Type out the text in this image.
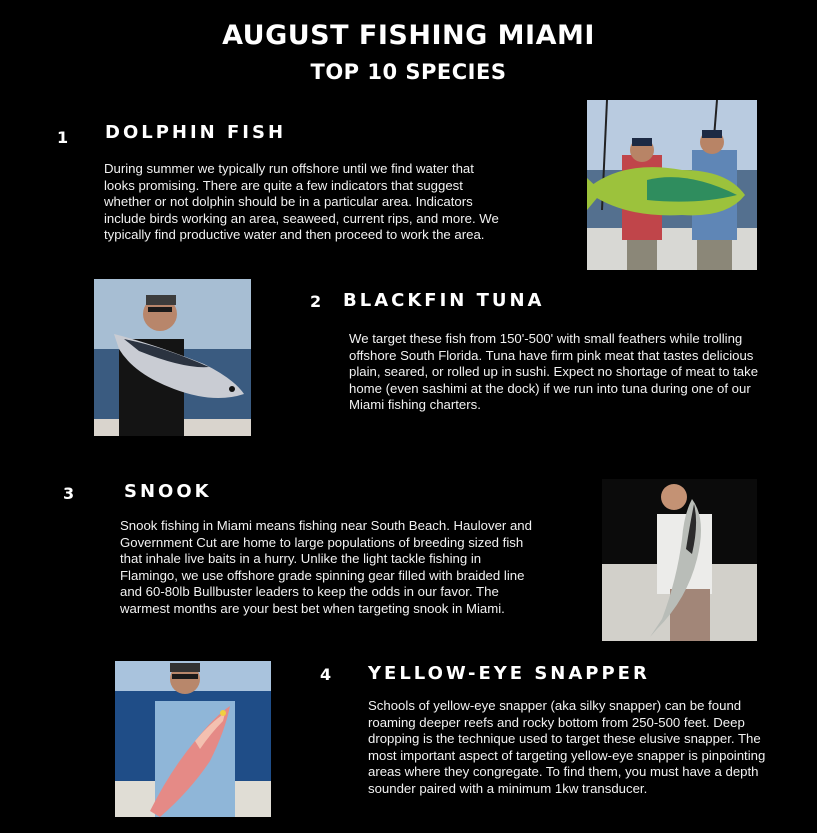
AUGUST FISHING MIAMI
TOP 10 SPECIES
1 DOLPHIN FISH
During summer we typically run offshore until we find water that looks promising. There are quite a few indicators that suggest whether or not dolphin should be in a particular area. Indicators include birds working an area, seaweed, current rips, and more. We typically find productive water and then proceed to work the area.
2 BLACKFIN TUNA
We target these fish from 150'-500' with small feathers while trolling offshore South Florida. Tuna have firm pink meat that tastes delicious plain, seared, or rolled up in sushi. Expect no shortage of meat to take home (even sashimi at the dock) if we run into tuna during one of our Miami fishing charters.
3	SNOOK
Snook fishing in Miami means fishing near South Beach. Haulover and Government Cut are home to large populations of breeding sized fish that inhale live baits in a hurry. Unlike the light tackle fishing in Flamingo, we use offshore grade spinning gear filled with braided line and 60-80lb Bullbuster leaders to keep the odds in our favor. The warmest months are your best bet when targeting snook in Miami.
4 YELLOW-EYE SNAPPER
Schools of yellow-eye snapper (aka silky snapper) can be found roaming deeper reefs and rocky bottom from 250-500 feet. Deep dropping is the technique used to target these elusive snapper. The most important aspect of targeting yellow-eye snapper is pinpointing areas where they congregate. To find them, you must have a depth sounder paired with a minimum 1kw transducer.
